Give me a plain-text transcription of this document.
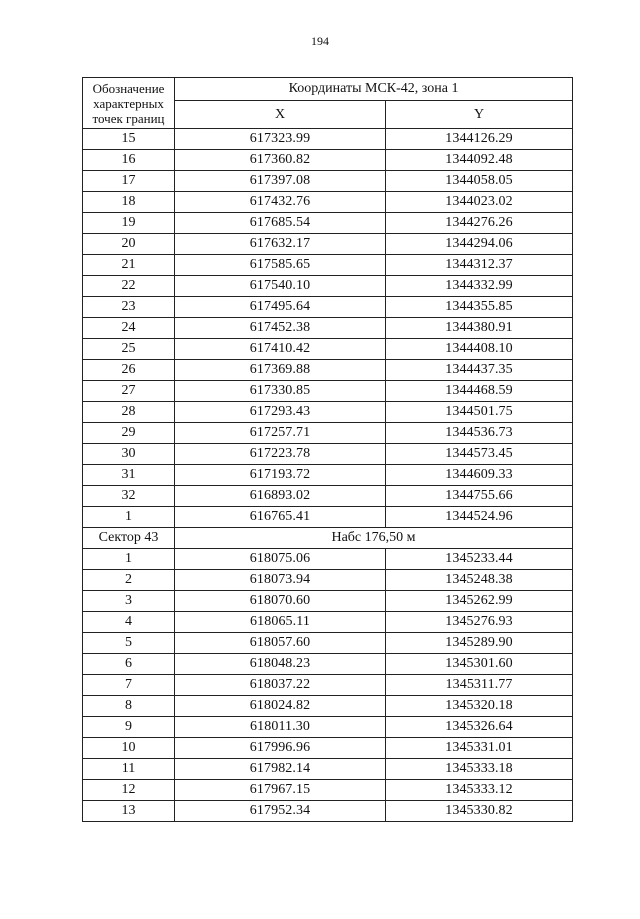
194
Обозначение характерных точек границ	Координаты МСК-42, зона 1	
	X	Y
15	617323.99	1344126.29
16	617360.82	1344092.48
17	617397.08	1344058.05
18	617432.76	1344023.02
19	617685.54	1344276.26
20	617632.17	1344294.06
21	617585.65	1344312.37
22	617540.10	1344332.99
23	617495.64	1344355.85
24	617452.38	1344380.91
25	617410.42	1344408.10
26	617369.88	1344437.35
27	617330.85	1344468.59
28	617293.43	1344501.75
29	617257.71	1344536.73
30	617223.78	1344573.45
31	617193.72	1344609.33
32	616893.02	1344755.66
1	616765.41	1344524.96
Сектор 43	Набс 176,50 м	
1	618075.06	1345233.44
2	618073.94	1345248.38
3	618070.60	1345262.99
4	618065.11	1345276.93
5	618057.60	1345289.90
6	618048.23	1345301.60
7	618037.22	1345311.77
8	618024.82	1345320.18
9	618011.30	1345326.64
10	617996.96	1345331.01
11	617982.14	1345333.18
12	617967.15	1345333.12
13	617952.34	1345330.82
